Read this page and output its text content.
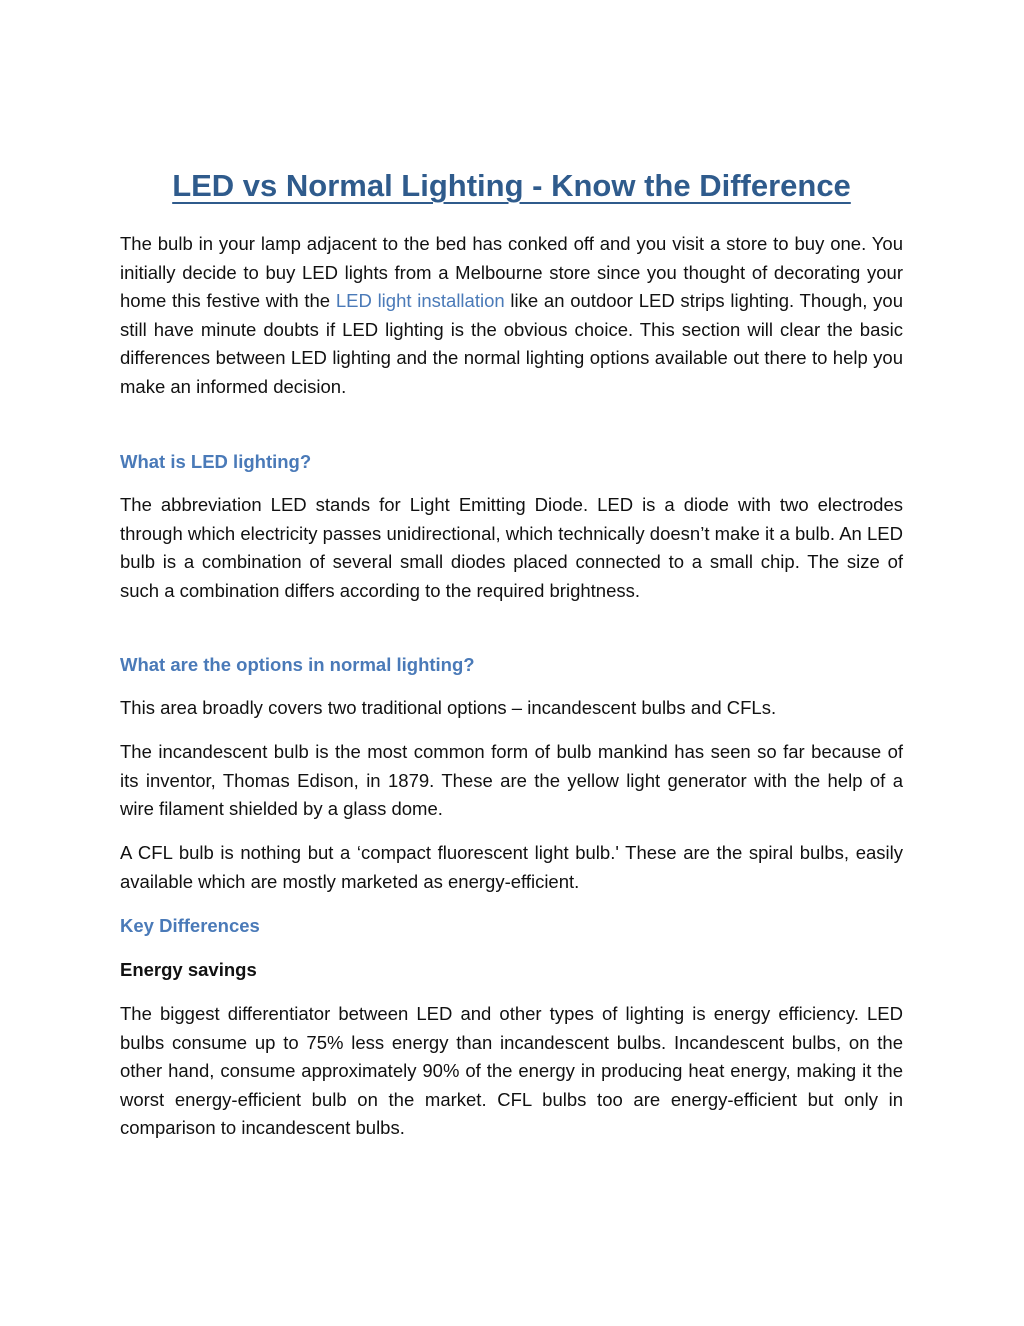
LED vs Normal Lighting - Know the Difference

The bulb in your lamp adjacent to the bed has conked off and you visit a store to buy one. You initially decide to buy LED lights from a Melbourne store since you thought of decorating your home this festive with the LED light installation like an outdoor LED strips lighting. Though, you still have minute doubts if LED lighting is the obvious choice. This section will clear the basic differences between LED lighting and the normal lighting options available out there to help you make an informed decision.

What is LED lighting?

The abbreviation LED stands for Light Emitting Diode. LED is a diode with two electrodes through which electricity passes unidirectional, which technically doesn’t make it a bulb. An LED bulb is a combination of several small diodes placed connected to a small chip. The size of such a combination differs according to the required brightness.

What are the options in normal lighting?

This area broadly covers two traditional options – incandescent bulbs and CFLs.

The incandescent bulb is the most common form of bulb mankind has seen so far because of its inventor, Thomas Edison, in 1879. These are the yellow light generator with the help of a wire filament shielded by a glass dome.

A CFL bulb is nothing but a ‘compact fluorescent light bulb.' These are the spiral bulbs, easily available which are mostly marketed as energy-efficient.

Key Differences
Energy savings

The biggest differentiator between LED and other types of lighting is energy efficiency. LED bulbs consume up to 75% less energy than incandescent bulbs. Incandescent bulbs, on the other hand, consume approximately 90% of the energy in producing heat energy, making it the worst energy-efficient bulb on the market. CFL bulbs too are energy-efficient but only in comparison to incandescent bulbs.
